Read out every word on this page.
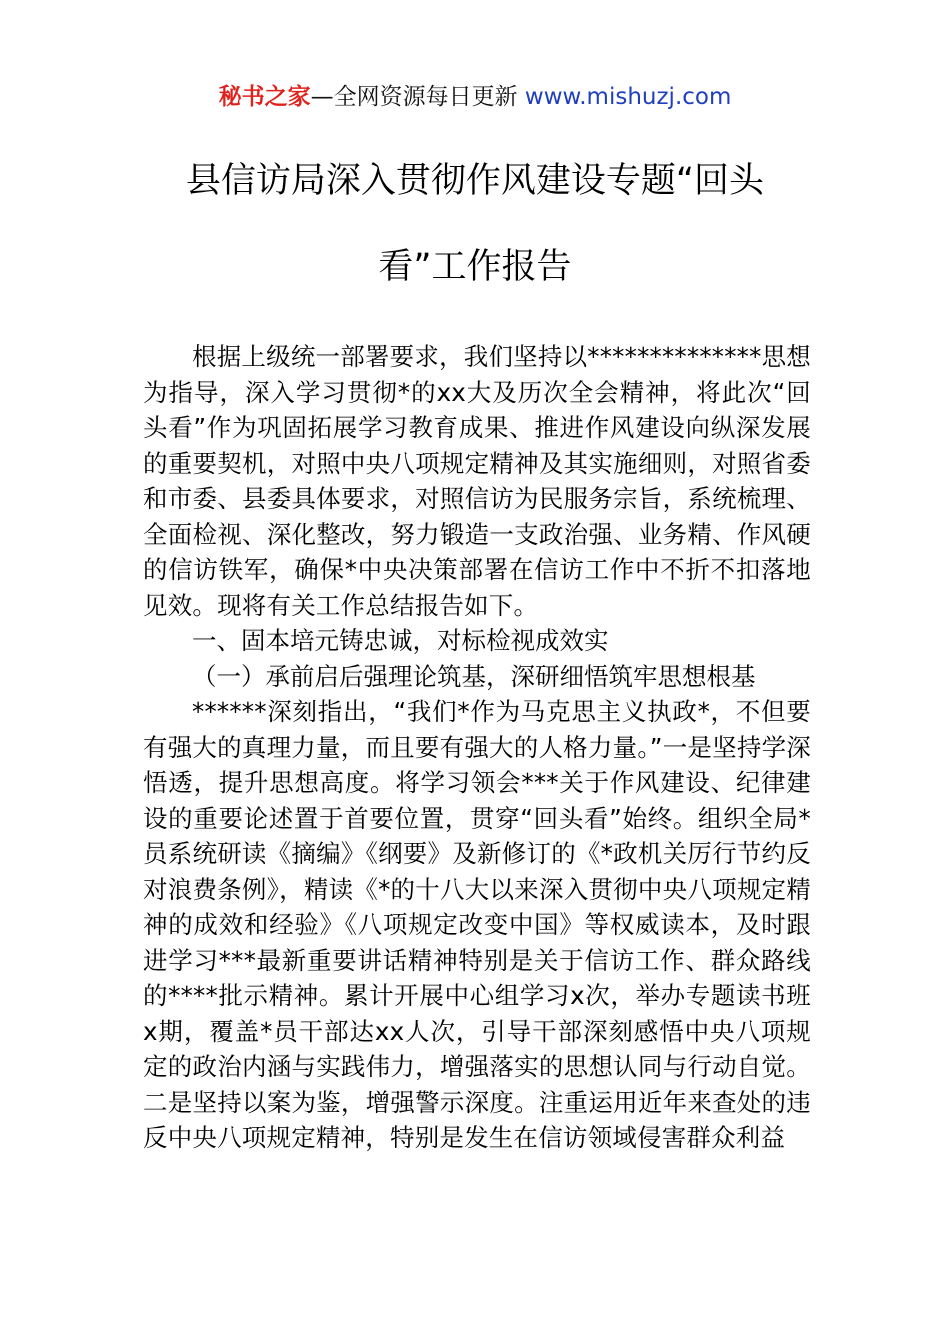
秘书之家—全网资源每日更新 www.mishuzj.com
县信访局深入贯彻作风建设专题“回头
看”工作报告

根据上级统一部署要求，我们坚持以**************思想为指导，深入学习贯彻*的xx大及历次全会精神，将此次“回头看”作为巩固拓展学习教育成果、推进作风建设向纵深发展的重要契机，对照中央八项规定精神及其实施细则，对照省委和市委、县委具体要求，对照信访为民服务宗旨，系统梳理、全面检视、深化整改，努力锻造一支政治强、业务精、作风硬的信访铁军，确保*中央决策部署在信访工作中不折不扣落地见效。现将有关工作总结报告如下。

一、固本培元铸忠诚，对标检视成效实

（一）承前启后强理论筑基，深研细悟筑牢思想根基

******深刻指出，“我们*作为马克思主义执政*，不但要有强大的真理力量，而且要有强大的人格力量。”一是坚持学深悟透，提升思想高度。将学习领会***关于作风建设、纪律建设的重要论述置于首要位置，贯穿“回头看”始终。组织全局*员系统研读《摘编》《纲要》及新修订的《*政机关厉行节约反对浪费条例》，精读《*的十八大以来深入贯彻中央八项规定精神的成效和经验》《八项规定改变中国》等权威读本，及时跟进学习***最新重要讲话精神特别是关于信访工作、群众路线的****批示精神。累计开展中心组学习x次，举办专题读书班x期，覆盖*员干部达xx人次，引导干部深刻感悟中央八项规定的政治内涵与实践伟力，增强落实的思想认同与行动自觉。二是坚持以案为鉴，增强警示深度。注重运用近年来查处的违反中央八项规定精神，特别是发生在信访领域侵害群众利益
